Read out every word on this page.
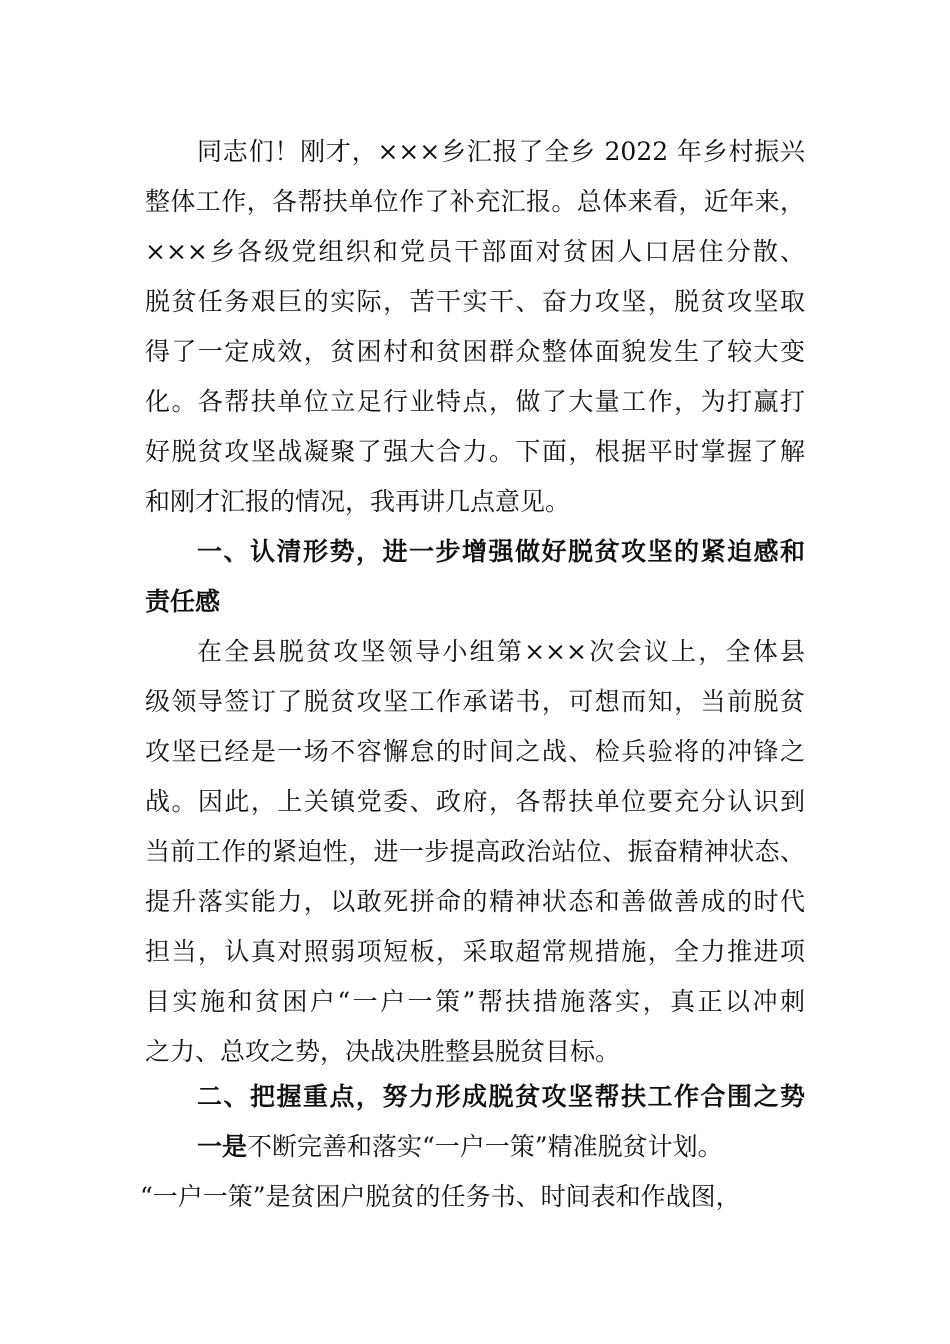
同志们！刚才，×××乡汇报了全乡 2022 年乡村振兴
整体工作，各帮扶单位作了补充汇报。总体来看，近年来，
×××乡各级党组织和党员干部面对贫困人口居住分散、
脱贫任务艰巨的实际，苦干实干、奋力攻坚，脱贫攻坚取
得了一定成效，贫困村和贫困群众整体面貌发生了较大变
化。各帮扶单位立足行业特点，做了大量工作，为打赢打
好脱贫攻坚战凝聚了强大合力。下面，根据平时掌握了解
和刚才汇报的情况，我再讲几点意见。
一、认清形势，进一步增强做好脱贫攻坚的紧迫感和
责任感
在全县脱贫攻坚领导小组第×××次会议上，全体县
级领导签订了脱贫攻坚工作承诺书，可想而知，当前脱贫
攻坚已经是一场不容懈怠的时间之战、检兵验将的冲锋之
战。因此，上关镇党委、政府，各帮扶单位要充分认识到
当前工作的紧迫性，进一步提高政治站位、振奋精神状态、
提升落实能力，以敢死拼命的精神状态和善做善成的时代
担当，认真对照弱项短板，采取超常规措施，全力推进项
目实施和贫困户“一户一策”帮扶措施落实，真正以冲刺
之力、总攻之势，决战决胜整县脱贫目标。
二、把握重点，努力形成脱贫攻坚帮扶工作合围之势
一是不断完善和落实“一户一策”精准脱贫计划。
“一户一策”是贫困户脱贫的任务书、时间表和作战图，
